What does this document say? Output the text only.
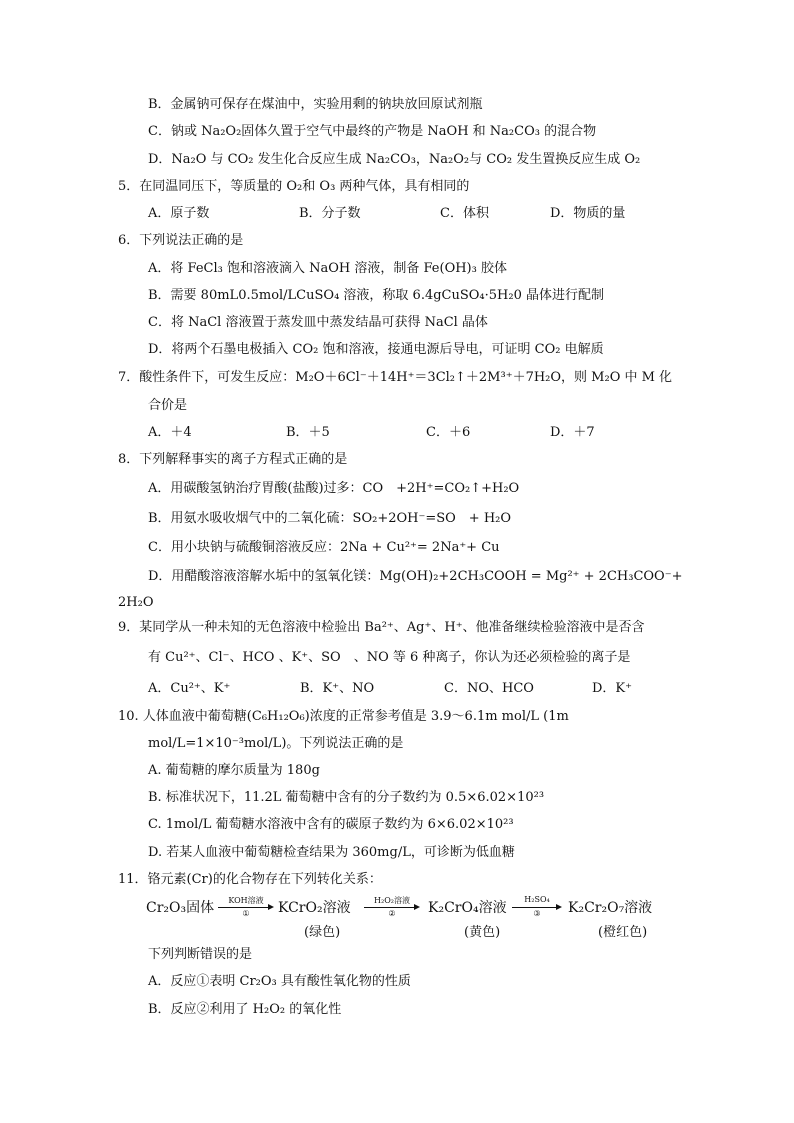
B．金属钠可保存在煤油中，实验用剩的钠块放回原试剂瓶
C．钠或 Na₂O₂固体久置于空气中最终的产物是 NaOH 和 Na₂CO₃ 的混合物
D．Na₂O 与 CO₂ 发生化合反应生成 Na₂CO₃，Na₂O₂与 CO₂ 发生置换反应生成 O₂
5．在同温同压下，等质量的 O₂和 O₃ 两种气体，具有相同的
A．原子数	B．分子数	C．体积	D．物质的量
6．下列说法正确的是
A．将 FeCl₃ 饱和溶液滴入 NaOH 溶液，制备 Fe(OH)₃ 胶体
B．需要 80mL0.5mol/LCuSO₄ 溶液，称取 6.4gCuSO₄·5H₂0 晶体进行配制
C．将 NaCl 溶液置于蒸发皿中蒸发结晶可获得 NaCl 晶体
D．将两个石墨电极插入 CO₂ 饱和溶液，接通电源后导电，可证明 CO₂ 电解质
7．酸性条件下，可发生反应：M₂O＋6Cl⁻＋14H⁺＝3Cl₂↑＋2M³⁺＋7H₂O，则 M₂O 中 M 化
合价是
A．＋4	B．＋5	C．＋6	D．＋7
8．下列解释事实的离子方程式正确的是
A．用碳酸氢钠治疗胃酸(盐酸)过多：CO　+2H⁺=CO₂↑+H₂O
B．用氨水吸收烟气中的二氧化硫：SO₂+2OH⁻=SO　+ H₂O
C．用小块钠与硫酸铜溶液反应：2Na + Cu²⁺= 2Na⁺+ Cu
D．用醋酸溶液溶解水垢中的氢氧化镁：Mg(OH)₂+2CH₃COOH = Mg²⁺ + 2CH₃COO⁻+
2H₂O
9．某同学从一种未知的无色溶液中检验出 Ba²⁺、Ag⁺、H⁺、他准备继续检验溶液中是否含
有 Cu²⁺、Cl⁻、HCO 、K⁺、SO　、NO 等 6 种离子，你认为还必须检验的离子是
A．Cu²⁺、K⁺	B．K⁺、NO	C．NO、HCO	D．K⁺
10. 人体血液中葡萄糖(C₆H₁₂O₆)浓度的正常参考值是 3.9～6.1m mol/L (1m
mol/L=1×10⁻³mol/L)。下列说法正确的是
A. 葡萄糖的摩尔质量为 180g
B. 标准状况下，11.2L 葡萄糖中含有的分子数约为 0.5×6.02×10²³
C. 1mol/L 葡萄糖水溶液中含有的碳原子数约为 6×6.02×10²³
D. 若某人血液中葡萄糖检查结果为 360mg/L，可诊断为低血糖
11．铬元素(Cr)的化合物存在下列转化关系：
Cr₂O₃固体	KOH溶液
①	KCrO₂溶液
(绿色)
H₂O₂溶液
②	K₂CrO₄溶液
(黄色)
H₂SO₄
③	K₂Cr₂O₇溶液
(橙红色)
下列判断错误的是
A．反应①表明 Cr₂O₃ 具有酸性氧化物的性质
B．反应②利用了 H₂O₂ 的氧化性
